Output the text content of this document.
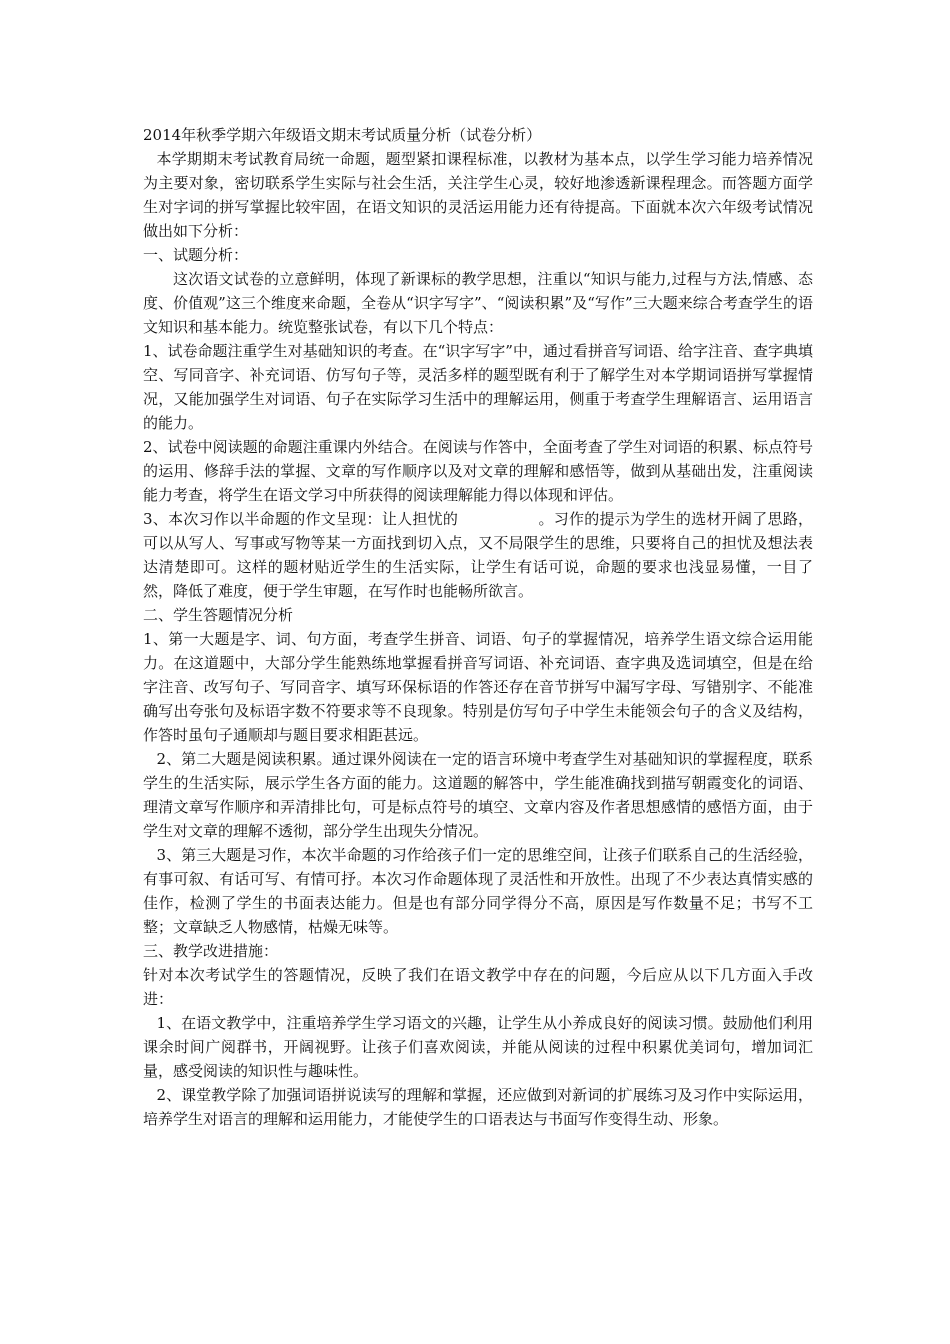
2014年秋季学期六年级语文期末考试质量分析（试卷分析）

本学期期末考试教育局统一命题，题型紧扣课程标准，以教材为基本点，以学生学习能力培养情况为主要对象，密切联系学生实际与社会生活，关注学生心灵，较好地渗透新课程理念。而答题方面学生对字词的拼写掌握比较牢固，在语文知识的灵活运用能力还有待提高。下面就本次六年级考试情况做出如下分析：

一、试题分析：

这次语文试卷的立意鲜明，体现了新课标的教学思想，注重以“知识与能力,过程与方法,情感、态度、价值观”这三个维度来命题，全卷从“识字写字”、“阅读积累”及“写作”三大题来综合考查学生的语文知识和基本能力。统览整张试卷，有以下几个特点：

1、试卷命题注重学生对基础知识的考查。在“识字写字”中，通过看拼音写词语、给字注音、查字典填空、写同音字、补充词语、仿写句子等，灵活多样的题型既有利于了解学生对本学期词语拼写掌握情况，又能加强学生对词语、句子在实际学习生活中的理解运用，侧重于考查学生理解语言、运用语言的能力。

2、试卷中阅读题的命题注重课内外结合。在阅读与作答中，全面考查了学生对词语的积累、标点符号的运用、修辞手法的掌握、文章的写作顺序以及对文章的理解和感悟等，做到从基础出发，注重阅读能力考查，将学生在语文学习中所获得的阅读理解能力得以体现和评估。

3、本次习作以半命题的作文呈现：让人担忧的	。习作的提示为学生的选材开阔了思路，可以从写人、写事或写物等某一方面找到切入点，又不局限学生的思维，只要将自己的担忧及想法表达清楚即可。这样的题材贴近学生的生活实际，让学生有话可说，命题的要求也浅显易懂，一目了然，降低了难度，便于学生审题，在写作时也能畅所欲言。

二、学生答题情况分析

1、第一大题是字、词、句方面，考查学生拼音、词语、句子的掌握情况，培养学生语文综合运用能力。在这道题中，大部分学生能熟练地掌握看拼音写词语、补充词语、查字典及选词填空，但是在给字注音、改写句子、写同音字、填写环保标语的作答还存在音节拼写中漏写字母、写错别字、不能准确写出夸张句及标语字数不符要求等不良现象。特别是仿写句子中学生未能领会句子的含义及结构，作答时虽句子通顺却与题目要求相距甚远。

2、第二大题是阅读积累。通过课外阅读在一定的语言环境中考查学生对基础知识的掌握程度，联系学生的生活实际，展示学生各方面的能力。这道题的解答中，学生能准确找到描写朝霞变化的词语、理清文章写作顺序和弄清排比句，可是标点符号的填空、文章内容及作者思想感情的感悟方面，由于学生对文章的理解不透彻，部分学生出现失分情况。

3、第三大题是习作，本次半命题的习作给孩子们一定的思维空间，让孩子们联系自己的生活经验，有事可叙、有话可写、有情可抒。本次习作命题体现了灵活性和开放性。出现了不少表达真情实感的佳作，检测了学生的书面表达能力。但是也有部分同学得分不高，原因是写作数量不足；书写不工整；文章缺乏人物感情，枯燥无味等。

三、教学改进措施：

针对本次考试学生的答题情况，反映了我们在语文教学中存在的问题，今后应从以下几方面入手改进：

1、在语文教学中，注重培养学生学习语文的兴趣，让学生从小养成良好的阅读习惯。鼓励他们利用课余时间广阅群书，开阔视野。让孩子们喜欢阅读，并能从阅读的过程中积累优美词句，增加词汇量，感受阅读的知识性与趣味性。

2、课堂教学除了加强词语拼说读写的理解和掌握，还应做到对新词的扩展练习及习作中实际运用，培养学生对语言的理解和运用能力，才能使学生的口语表达与书面写作变得生动、形象。
